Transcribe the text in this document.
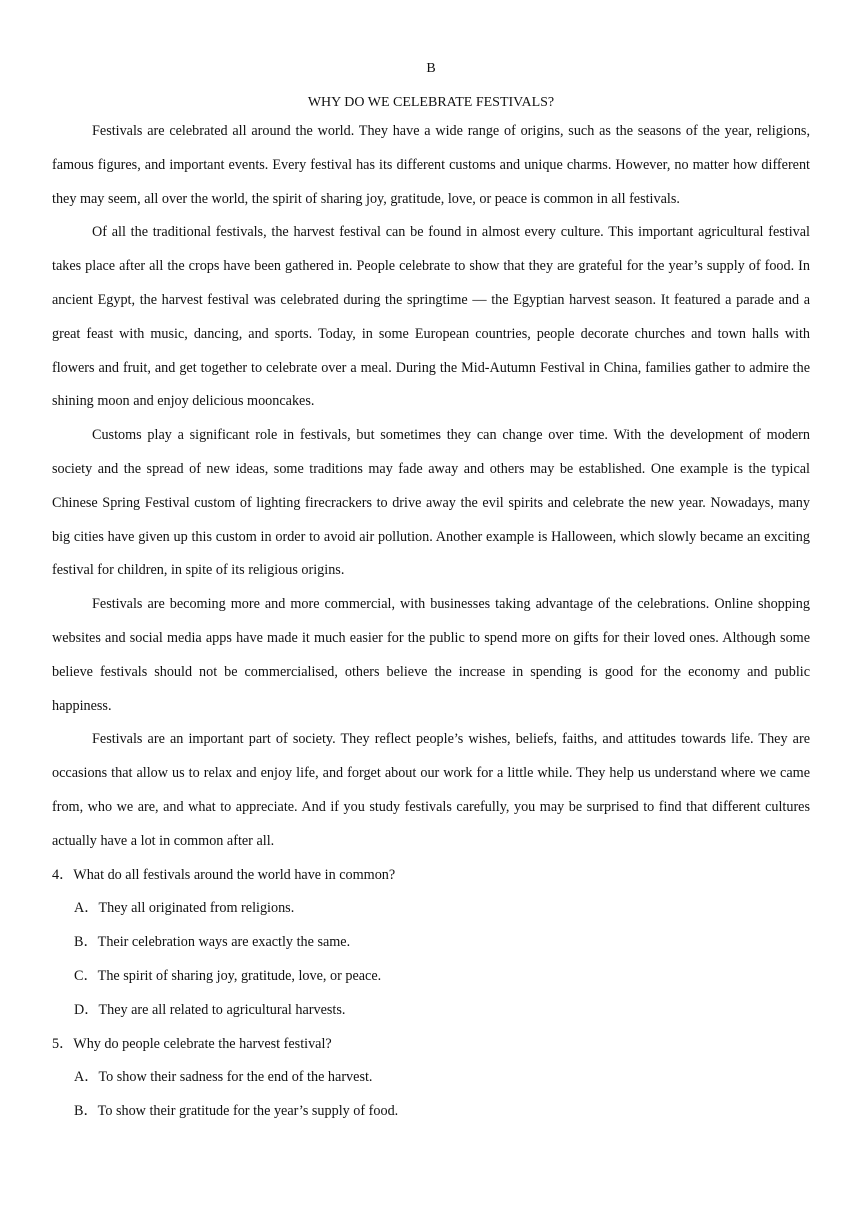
B
WHY DO WE CELEBRATE FESTIVALS?

Festivals are celebrated all around the world. They have a wide range of origins, such as the seasons of the year, religions, famous figures, and important events. Every festival has its different customs and unique charms. However, no matter how different they may seem, all over the world, the spirit of sharing joy, gratitude, love, or peace is common in all festivals.

Of all the traditional festivals, the harvest festival can be found in almost every culture. This important agricultural festival takes place after all the crops have been gathered in. People celebrate to show that they are grateful for the year’s supply of food. In ancient Egypt, the harvest festival was celebrated during the springtime — the Egyptian harvest season. It featured a parade and a great feast with music, dancing, and sports. Today, in some European countries, people decorate churches and town halls with flowers and fruit, and get together to celebrate over a meal. During the Mid-Autumn Festival in China, families gather to admire the shining moon and enjoy delicious mooncakes.

Customs play a significant role in festivals, but sometimes they can change over time. With the development of modern society and the spread of new ideas, some traditions may fade away and others may be established. One example is the typical Chinese Spring Festival custom of lighting firecrackers to drive away the evil spirits and celebrate the new year. Nowadays, many big cities have given up this custom in order to avoid air pollution. Another example is Halloween, which slowly became an exciting festival for children, in spite of its religious origins.

Festivals are becoming more and more commercial, with businesses taking advantage of the celebrations. Online shopping websites and social media apps have made it much easier for the public to spend more on gifts for their loved ones. Although some believe festivals should not be commercialised, others believe the increase in spending is good for the economy and public happiness.

Festivals are an important part of society. They reflect people’s wishes, beliefs, faiths, and attitudes towards life. They are occasions that allow us to relax and enjoy life, and forget about our work for a little while. They help us understand where we came from, who we are, and what to appreciate. And if you study festivals carefully, you may be surprised to find that different cultures actually have a lot in common after all.

4．What do all festivals around the world have in common?

A．They all originated from religions.

B．Their celebration ways are exactly the same.

C．The spirit of sharing joy, gratitude, love, or peace.

D．They are all related to agricultural harvests.

5．Why do people celebrate the harvest festival?

A．To show their sadness for the end of the harvest.

B．To show their gratitude for the year’s supply of food.
